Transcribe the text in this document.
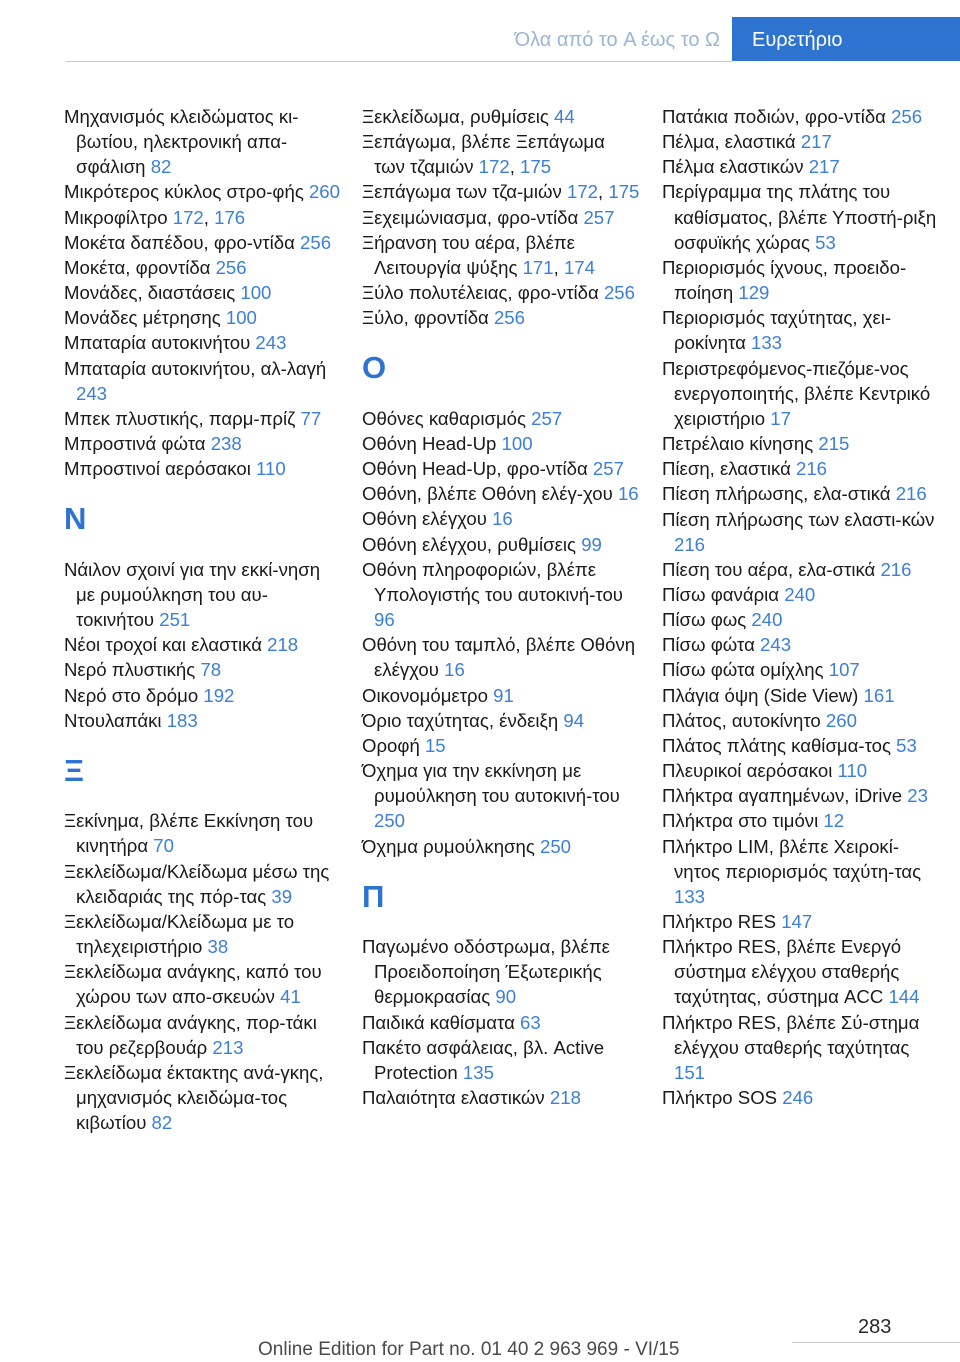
Όλα από το A έως το Ω	Ευρετήριο
Μηχανισμός κλειδώματος κι-βωτίου, ηλεκτρονική απα-σφάλιση 82
Μικρότερος κύκλος στρο-φής 260
Μικροφίλτρο 172, 176
Μοκέτα δαπέδου, φρο-ντίδα 256
Μοκέτα, φροντίδα 256
Μονάδες, διαστάσεις 100
Μονάδες μέτρησης 100
Μπαταρία αυτοκινήτου 243
Μπαταρία αυτοκινήτου, αλ-λαγή 243
Μπεκ πλυστικής, παρμ-πρίζ 77
Μπροστινά φώτα 238
Μπροστινοί αερόσακοι 110
Ν
Νάιλον σχοινί για την εκκί-νηση με ρυμούλκηση του αυ-τοκινήτου 251
Νέοι τροχοί και ελαστικά 218
Νερό πλυστικής 78
Νερό στο δρόμο 192
Ντουλαπάκι 183
Ξ
Ξεκίνημα, βλέπε Εκκίνηση του κινητήρα 70
Ξεκλείδωμα/Κλείδωμα μέσω της κλειδαριάς της πόρ-τας 39
Ξεκλείδωμα/Κλείδωμα με το τηλεχειριστήριο 38
Ξεκλείδωμα ανάγκης, καπό του χώρου των απο-σκευών 41
Ξεκλείδωμα ανάγκης, πορ-τάκι του ρεζερβουάρ 213
Ξεκλείδωμα έκτακτης ανά-γκης, μηχανισμός κλειδώμα-τος κιβωτίου 82
Ξεκλείδωμα, ρυθμίσεις 44
Ξεπάγωμα, βλέπε Ξεπάγωμα των τζαμιών 172, 175
Ξεπάγωμα των τζα-μιών 172, 175
Ξεχειμώνιασμα, φρο-ντίδα 257
Ξήρανση του αέρα, βλέπε Λειτουργία ψύξης 171, 174
Ξύλο πολυτέλειας, φρο-ντίδα 256
Ξύλο, φροντίδα 256
Ο
Οθόνες καθαρισμός 257
Οθόνη Head-Up 100
Οθόνη Head-Up, φρο-ντίδα 257
Οθόνη, βλέπε Οθόνη ελέγ-χου 16
Οθόνη ελέγχου 16
Οθόνη ελέγχου, ρυθμίσεις 99
Οθόνη πληροφοριών, βλέπε Υπολογιστής του αυτοκινή-του 96
Οθόνη του ταμπλό, βλέπε Οθόνη ελέγχου 16
Οικονομόμετρο 91
Όριο ταχύτητας, ένδειξη 94
Οροφή 15
Όχημα για την εκκίνηση με ρυμούλκηση του αυτοκινή-του 250
Όχημα ρυμούλκησης 250
Π
Παγωμένο οδόστρωμα, βλέπε Προειδοποίηση Έξωτερικής θερμοκρασίας 90
Παιδικά καθίσματα 63
Πακέτο ασφάλειας, βλ. Active Protection 135
Παλαιότητα ελαστικών 218
Πατάκια ποδιών, φρο-ντίδα 256
Πέλμα, ελαστικά 217
Πέλμα ελαστικών 217
Περίγραμμα της πλάτης του καθίσματος, βλέπε Υποστή-ριξη οσφυϊκής χώρας 53
Περιορισμός ίχνους, προειδο-ποίηση 129
Περιορισμός ταχύτητας, χει-ροκίνητα 133
Περιστρεφόμενος-πιεζόμε-νος ενεργοποιητής, βλέπε Κεντρικό χειριστήριο 17
Πετρέλαιο κίνησης 215
Πίεση, ελαστικά 216
Πίεση πλήρωσης, ελα-στικά 216
Πίεση πλήρωσης των ελαστι-κών 216
Πίεση του αέρα, ελα-στικά 216
Πίσω φανάρια 240
Πίσω φως 240
Πίσω φώτα 243
Πίσω φώτα ομίχλης 107
Πλάγια όψη (Side View) 161
Πλάτος, αυτοκίνητο 260
Πλάτος πλάτης καθίσμα-τος 53
Πλευρικοί αερόσακοι 110
Πλήκτρα αγαπημένων, iDrive 23
Πλήκτρα στο τιμόνι 12
Πλήκτρο LIM, βλέπε Χειροκί-νητος περιορισμός ταχύτη-τας 133
Πλήκτρο RES 147
Πλήκτρο RES, βλέπε Ενεργό σύστημα ελέγχου σταθερής ταχύτητας, σύστημα ACC 144
Πλήκτρο RES, βλέπε Σύ-στημα ελέγχου σταθερής ταχύτητας 151
Πλήκτρο SOS 246
283
Online Edition for Part no. 01 40 2 963 969 - VI/15
